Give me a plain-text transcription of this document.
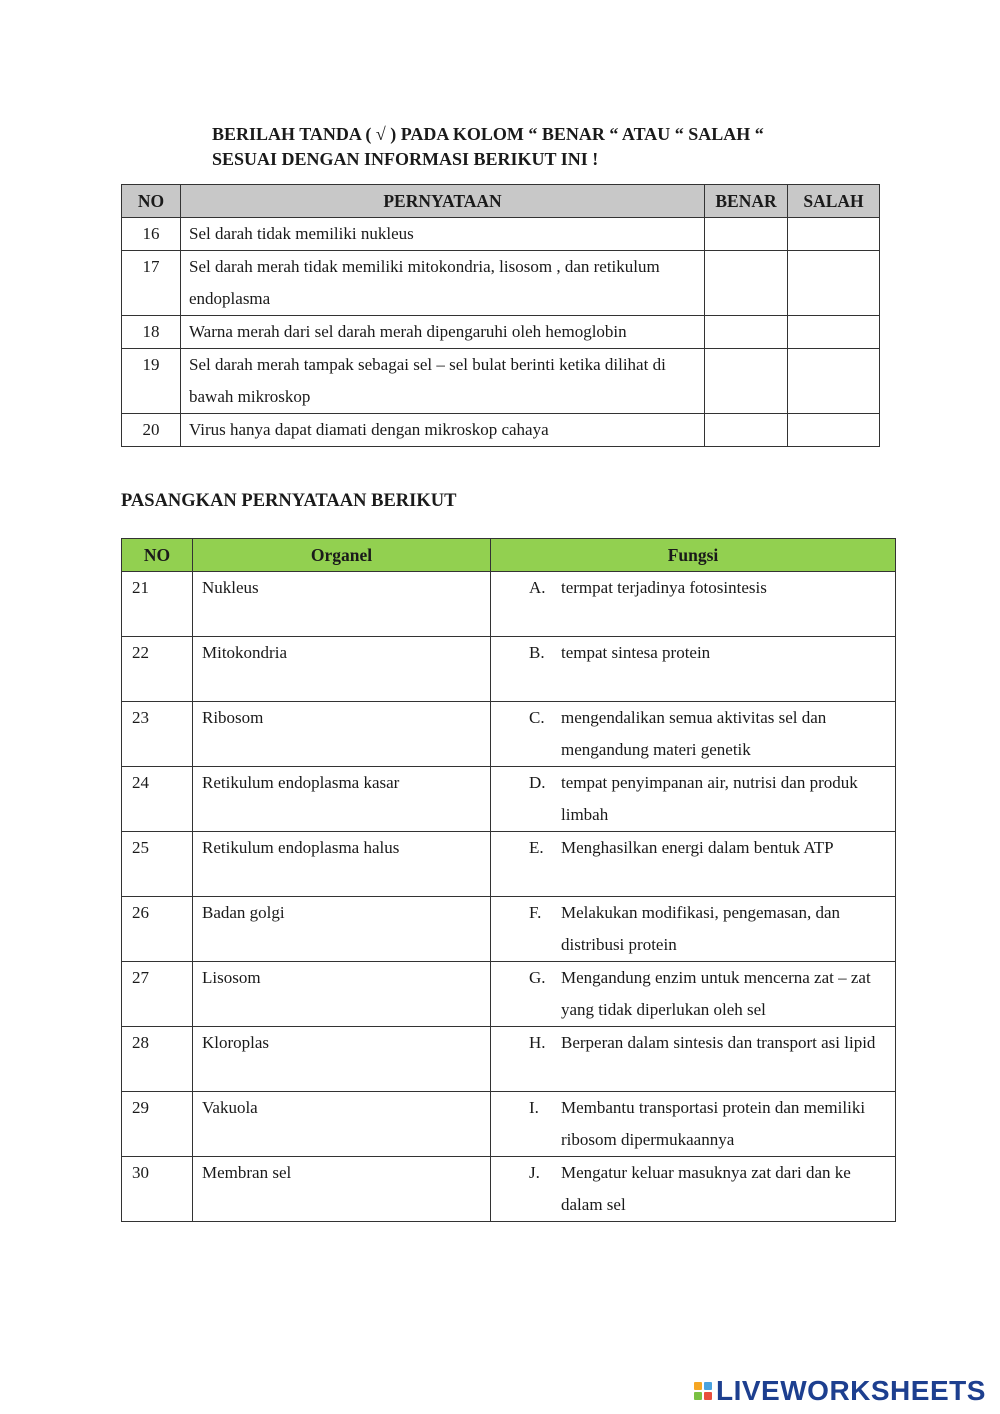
BERILAH TANDA ( √ ) PADA KOLOM “ BENAR “ ATAU “ SALAH “
SESUAI DENGAN INFORMASI BERIKUT INI !
NO	PERNYATAAN	BENAR	SALAH
16	Sel darah tidak memiliki nukleus		
17	Sel darah merah tidak memiliki mitokondria, lisosom , dan retikulum endoplasma		
18	Warna merah dari sel darah merah dipengaruhi oleh hemoglobin		
19	Sel darah merah tampak sebagai sel – sel bulat berinti ketika dilihat di bawah mikroskop		
20	Virus hanya dapat diamati dengan mikroskop cahaya		
PASANGKAN PERNYATAAN BERIKUT
NO	Organel	Fungsi
21	Nukleus	A. termpat terjadinya fotosintesis

22	Mitokondria	B. tempat sintesa protein

23	Ribosom	C. mengendalikan semua aktivitas sel dan mengandung materi genetik

24	Retikulum endoplasma kasar	D. tempat penyimpanan air, nutrisi dan produk limbah

25	Retikulum endoplasma halus	E. Menghasilkan energi dalam bentuk ATP

26	Badan golgi	F. Melakukan modifikasi, pengemasan, dan distribusi protein

27	Lisosom	G. Mengandung enzim untuk mencerna zat – zat yang tidak diperlukan oleh sel

28	Kloroplas	H. Berperan dalam sintesis dan transport asi lipid

29	Vakuola	I. Membantu transportasi protein dan memiliki ribosom dipermukaannya

30	Membran sel	J. Mengatur keluar masuknya zat dari dan ke dalam sel
LIVEWORKSHEETS
